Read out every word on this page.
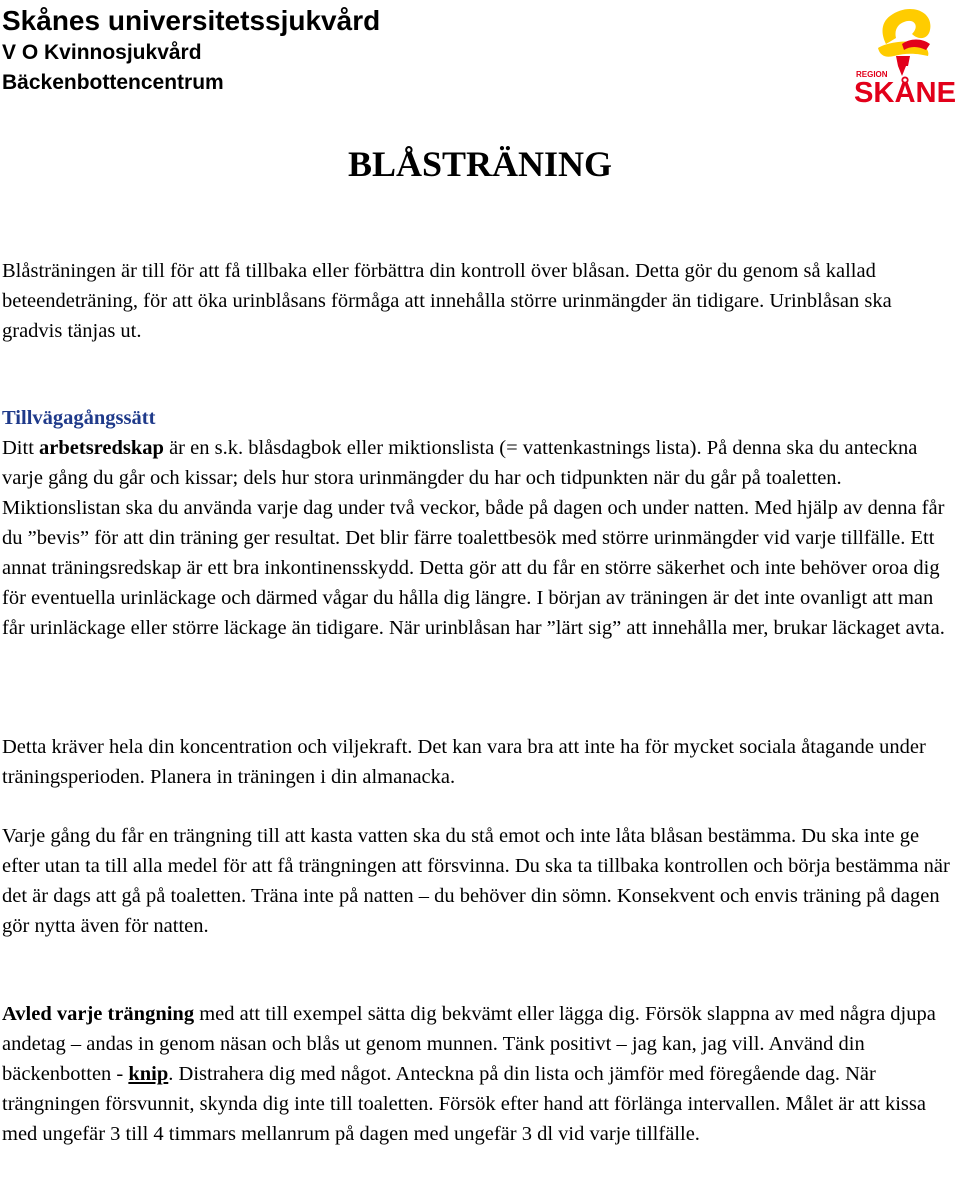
Skånes universitetssjukvård
V O Kvinnosjukvård
Bäckenbottencentrum	REGION
SKÅNE
BLÅSTRÄNING

Blåsträningen är till för att få tillbaka eller förbättra din kontroll över blåsan. Detta gör du genom så kallad beteendeträning, för att öka urinblåsans förmåga att innehålla större urinmängder än tidigare. Urinblåsan ska gradvis tänjas ut.

Tillvägagångssätt

Ditt arbetsredskap är en s.k. blåsdagbok eller miktionslista (= vattenkastnings lista). På denna ska du anteckna varje gång du går och kissar; dels hur stora urinmängder du har och tidpunkten när du går på toaletten. Miktionslistan ska du använda varje dag under två veckor, både på dagen och under natten. Med hjälp av denna får du ”bevis” för att din träning ger resultat. Det blir färre toalettbesök med större urinmängder vid varje tillfälle. Ett annat träningsredskap är ett bra inkontinensskydd. Detta gör att du får en större säkerhet och inte behöver oroa dig för eventuella urinläckage och därmed vågar du hålla dig längre. I början av träningen är det inte ovanligt att man får urinläckage eller större läckage än tidigare. När urinblåsan har ”lärt sig” att innehålla mer, brukar läckaget avta.

Detta kräver hela din koncentration och viljekraft. Det kan vara bra att inte ha för mycket sociala åtagande under träningsperioden. Planera in träningen i din almanacka.

Varje gång du får en trängning till att kasta vatten ska du stå emot och inte låta blåsan bestämma. Du ska inte ge efter utan ta till alla medel för att få trängningen att försvinna. Du ska ta tillbaka kontrollen och börja bestämma när det är dags att gå på toaletten. Träna inte på natten – du behöver din sömn. Konsekvent och envis träning på dagen gör nytta även för natten.

Avled varje trängning med att till exempel sätta dig bekvämt eller lägga dig. Försök slappna av med några djupa andetag – andas in genom näsan och blås ut genom munnen. Tänk positivt – jag kan, jag vill. Använd din bäckenbotten - knip. Distrahera dig med något. Anteckna på din lista och jämför med föregående dag. När trängningen försvunnit, skynda dig inte till toaletten. Försök efter hand att förlänga intervallen. Målet är att kissa med ungefär 3 till 4 timmars mellanrum på dagen med ungefär 3 dl vid varje tillfälle.
